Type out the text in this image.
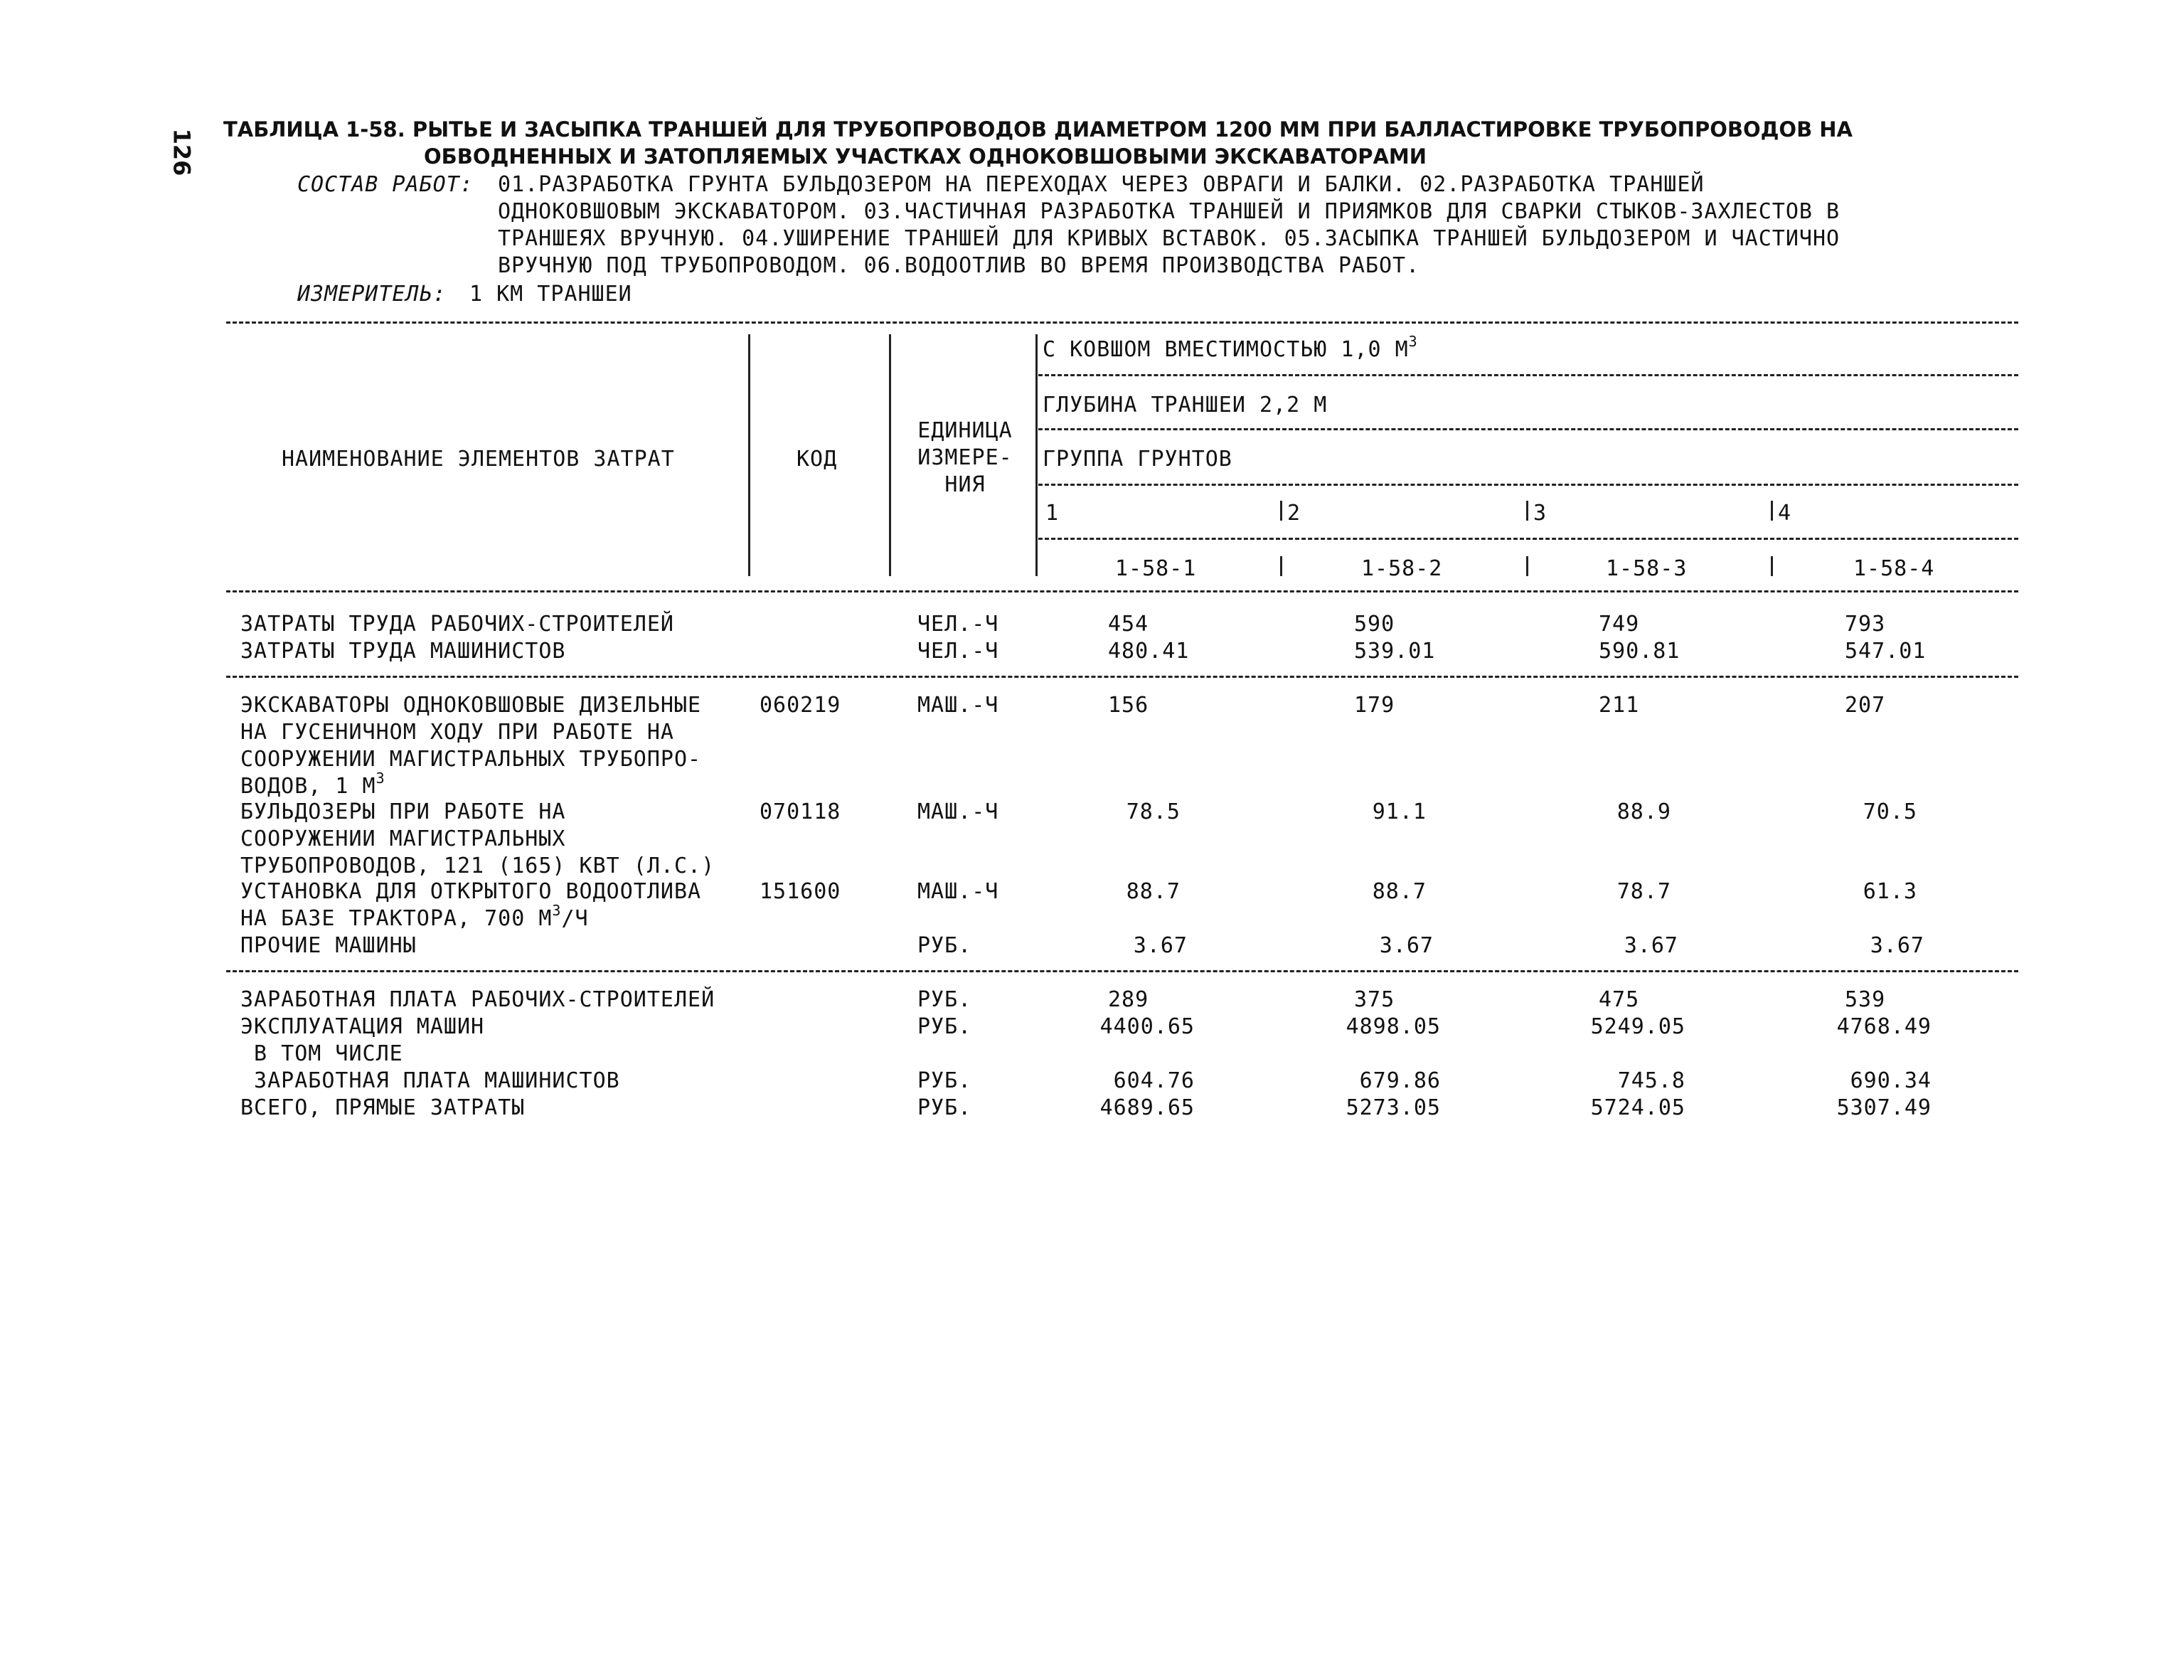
126 ТАБЛИЦА 1-58. РЫТЬЕ И ЗАСЫПКА ТРАНШЕЙ ДЛЯ ТРУБОПРОВОДОВ ДИАМЕТРОМ 1200 ММ ПРИ БАЛЛАСТИРОВКЕ ТРУБОПРОВОДОВ НА
ОБВОДНЕННЫХ И ЗАТОПЛЯЕМЫХ УЧАСТКАХ ОДНОКОВШОВЫМИ ЭКСКАВАТОРАМИ
СОСТАВ РАБОТ: 01.РАЗРАБОТКА ГРУНТА БУЛЬДОЗЕРОМ НА ПЕРЕХОДАХ ЧЕРЕЗ ОВРАГИ И БАЛКИ. 02.РАЗРАБОТКА ТРАНШЕЙ
ОДНОКОВШОВЫМ ЭКСКАВАТОРОМ. 03.ЧАСТИЧНАЯ РАЗРАБОТКА ТРАНШЕЙ И ПРИЯМКОВ ДЛЯ СВАРКИ СТЫКОВ-ЗАХЛЕСТОВ В
ТРАНШЕЯХ ВРУЧНУЮ. 04.УШИРЕНИЕ ТРАНШЕЙ ДЛЯ КРИВЫХ ВСТАВОК. 05.ЗАСЫПКА ТРАНШЕЙ БУЛЬДОЗЕРОМ И ЧАСТИЧНО
ВРУЧНУЮ ПОД ТРУБОПРОВОДОМ. 06.ВОДООТЛИВ ВО ВРЕМЯ ПРОИЗВОДСТВА РАБОТ.
ИЗМЕРИТЕЛЬ: 1 КМ ТРАНШЕИ
НАИМЕНОВАНИЕ ЭЛЕМЕНТОВ ЗАТРАТ	КОД
ЕДИНИЦА
ИЗМЕРЕ-
НИЯ
С КОВШОМ ВМЕСТИМОСТЬЮ 1,0 $М^3$
ГЛУБИНА ТРАНШЕИ 2,2 М
ГРУППА ГРУНТОВ
1	2	3	4
1-58-1	1-58-2	1-58-3	1-58-4
ЗАТРАТЫ ТРУДА РАБОЧИХ-СТРОИТЕЛЕЙ	ЧЕЛ.-Ч	454	590	749	793
ЗАТРАТЫ ТРУДА МАШИНИСТОВ	ЧЕЛ.-Ч	480.41	539.01	590.81	547.01
ЭКСКАВАТОРЫ ОДНОКОВШОВЫЕ ДИЗЕЛЬНЫЕ
НА ГУСЕНИЧНОМ ХОДУ ПРИ РАБОТЕ НА
СООРУЖЕНИИ МАГИСТРАЛЬНЫХ ТРУБОПРО-
ВОДОВ, 1 $М^3$
060219	МАШ.-Ч	156	179	211	207
БУЛЬДОЗЕРЫ ПРИ РАБОТЕ НА
СООРУЖЕНИИ МАГИСТРАЛЬНЫХ
ТРУБОПРОВОДОВ, 121 (165) КВТ (Л.С.)
070118	МАШ.-Ч	78.5	91.1	88.9	70.5
УСТАНОВКА ДЛЯ ОТКРЫТОГО ВОДООТЛИВА
НА БАЗЕ ТРАКТОРА, 700 $М^3/Ч$
151600	МАШ.-Ч	88.7	88.7	78.7	61.3
ПРОЧИЕ МАШИНЫ	РУБ.	3.67	3.67	3.67	3.67
ЗАРАБОТНАЯ ПЛАТА РАБОЧИХ-СТРОИТЕЛЕЙ	РУБ.	289	375	475	539
ЭКСПЛУАТАЦИЯ МАШИН	РУБ.	4400.65	4898.05	5249.05	4768.49
В ТОМ ЧИСЛЕ
ЗАРАБОТНАЯ ПЛАТА МАШИНИСТОВ	РУБ.	604.76	679.86	745.8	690.34
ВСЕГО, ПРЯМЫЕ ЗАТРАТЫ	РУБ.	4689.65	5273.05	5724.05	5307.49
